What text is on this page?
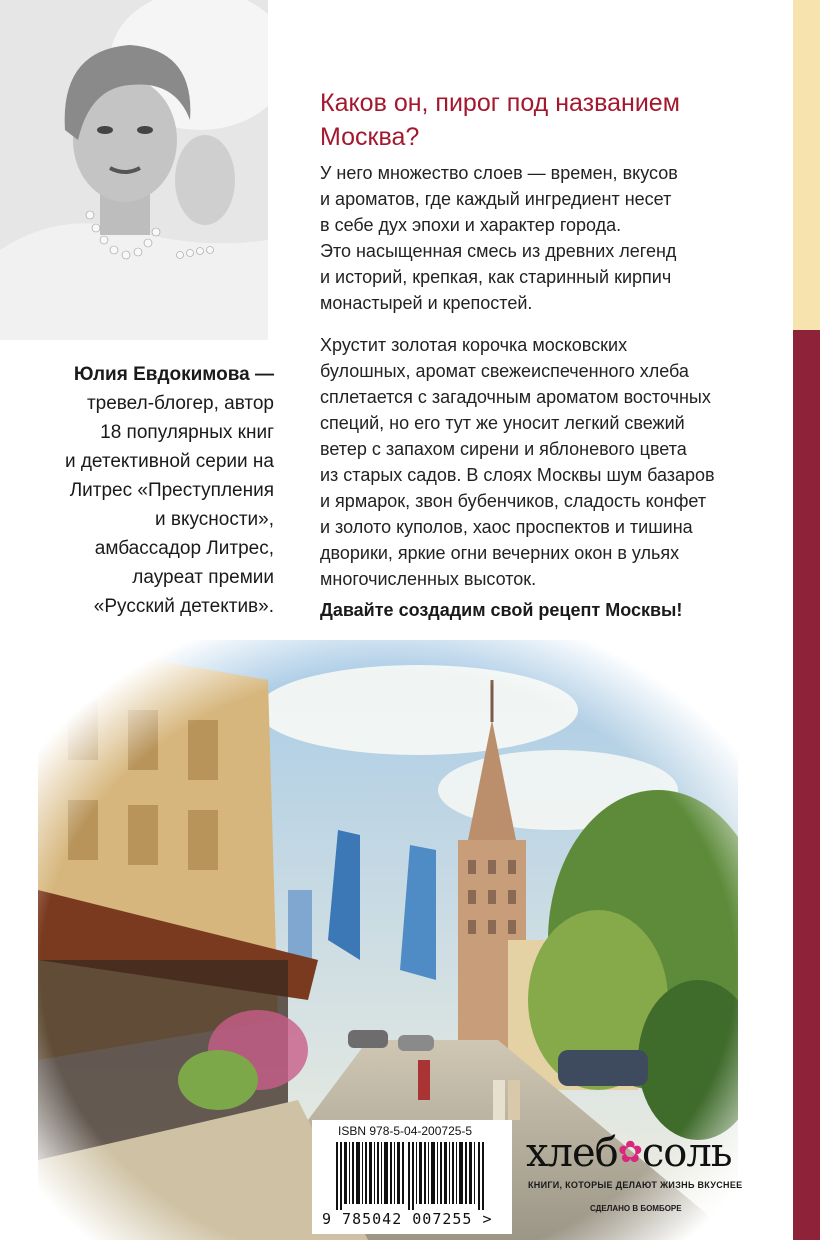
Юлия Евдокимова —
тревел-блогер, автор
18 популярных книг
и детективной серии на
Литрес «Преступления
и вкусности»,
амбассадор Литрес,
лауреат премии
«Русский детектив».
Каков он, пирог под названием
Москва?
У него множество слоев — времен, вкусов
и ароматов, где каждый ингредиент несет
в себе дух эпохи и характер города.
Это насыщенная смесь из древних легенд
и историй, крепкая, как старинный кирпич
монастырей и крепостей.
Хрустит золотая корочка московских
булошных, аромат свежеиспеченного хлеба
сплетается с загадочным ароматом восточных
специй, но его тут же уносит легкий свежий
ветер с запахом сирени и яблоневого цвета
из старых садов. В слоях Москвы шум базаров
и ярмарок, звон бубенчиков, сладость конфет
и золото куполов, хаос проспектов и тишина
дворики, яркие огни вечерних окон в ульях
многочисленных высоток.
Давайте создадим свой рецепт Москвы!
ISBN 978-5-04-200725-5
9 785042 007255 >
хлеб✿соль
КНИГИ, КОТОРЫЕ ДЕЛАЮТ ЖИЗНЬ ВКУСНЕЕ
СДЕЛАНО В БОМБОРЕ
